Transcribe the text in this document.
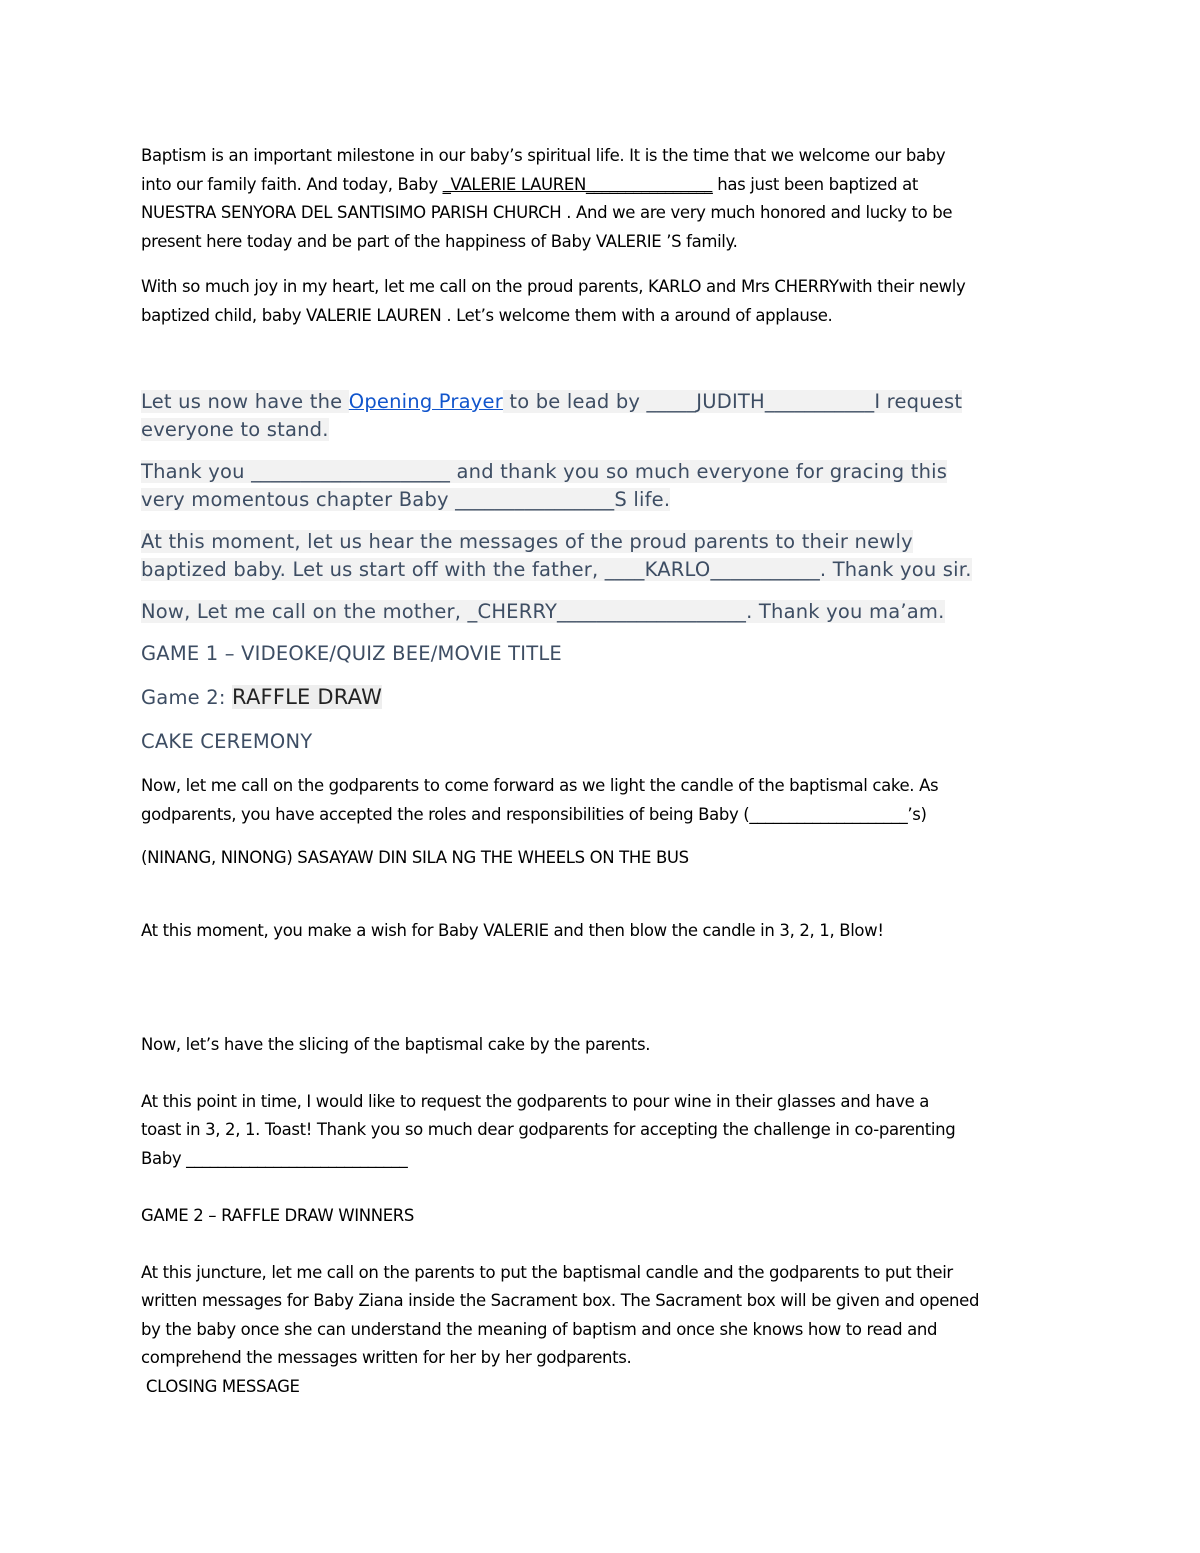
Baptism is an important milestone in our baby’s spiritual life. It is the time that we welcome our baby

into our family faith. And today, Baby _VALERIE LAUREN________________ has just been baptized at

NUESTRA SENYORA DEL SANTISIMO PARISH CHURCH . And we are very much honored and lucky to be

present here today and be part of the happiness of Baby VALERIE ’S family.

With so much joy in my heart, let me call on the proud parents, KARLO and Mrs CHERRYwith their newly

baptized child, baby VALERIE LAUREN . Let’s welcome them with a around of applause.

Let us now have the Opening Prayer to be lead by _____JUDITH___________I request

everyone to stand.

Thank you ____________________ and thank you so much everyone for gracing this

very momentous chapter Baby ________________S life.

At this moment, let us hear the messages of the proud parents to their newly

baptized baby. Let us start off with the father, ____KARLO___________. Thank you sir.

Now, Let me call on the mother, _CHERRY___________________. Thank you ma’am.

GAME 1 – VIDEOKE/QUIZ BEE/MOVIE TITLE

Game 2: RAFFLE DRAW

CAKE CEREMONY

Now, let me call on the godparents to come forward as we light the candle of the baptismal cake. As

godparents, you have accepted the roles and responsibilities of being Baby (____________________’s)

(NINANG, NINONG) SASAYAW DIN SILA NG THE WHEELS ON THE BUS

At this moment, you make a wish for Baby VALERIE and then blow the candle in 3, 2, 1, Blow!

Now, let’s have the slicing of the baptismal cake by the parents.

At this point in time, I would like to request the godparents to pour wine in their glasses and have a

toast in 3, 2, 1. Toast! Thank you so much dear godparents for accepting the challenge in co-parenting

Baby ____________________________

GAME 2 – RAFFLE DRAW WINNERS

At this juncture, let me call on the parents to put the baptismal candle and the godparents to put their

written messages for Baby Ziana inside the Sacrament box. The Sacrament box will be given and opened

by the baby once she can understand the meaning of baptism and once she knows how to read and

comprehend the messages written for her by her godparents.

CLOSING MESSAGE
